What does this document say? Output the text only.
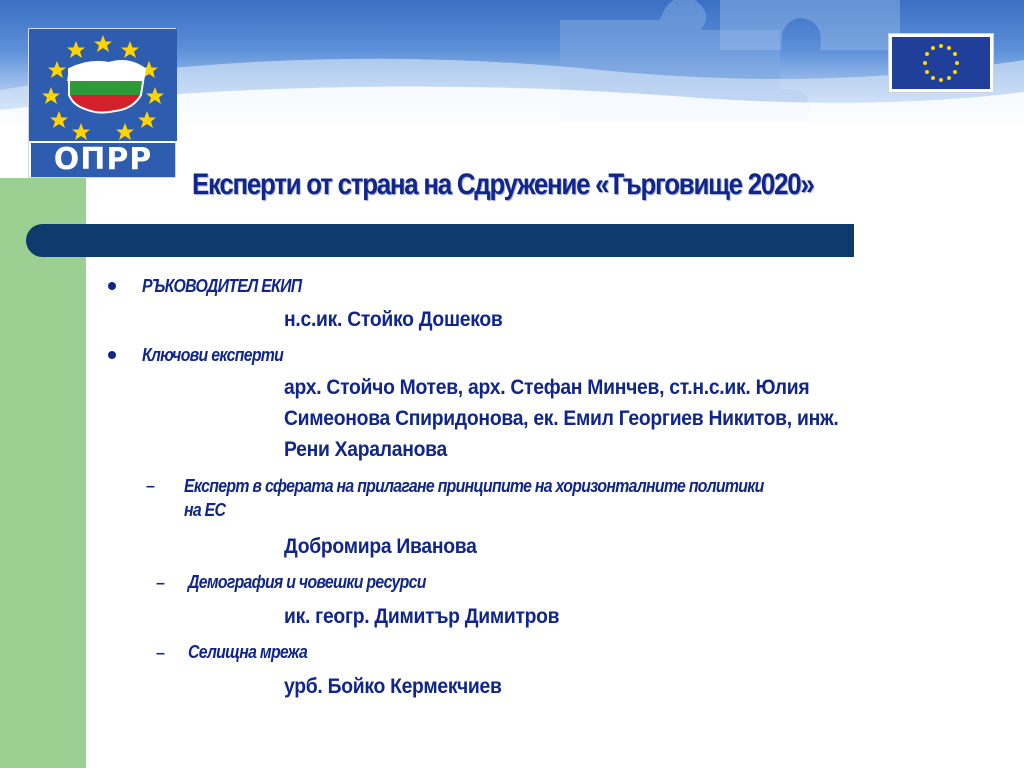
ОПРР
Експерти от страна на Сдружение «Търговище 2020»
РЪКОВОДИТЕЛ ЕКИП
н.с.ик. Стойко Дошеков
Ключови експерти
арх. Стойчо Мотев, арх. Стефан Минчев, ст.н.с.ик. Юлия
Симеонова Спиридонова, ек. Емил Георгиев Никитов, инж.
Рени Хараланова
– Експерт в сферата на прилагане принципите на хоризонталните политики
на ЕС
Добромира Иванова
– Демография и човешки ресурси
ик. геогр. Димитър Димитров
– Селищна мрежа
урб. Бойко Кермекчиев
